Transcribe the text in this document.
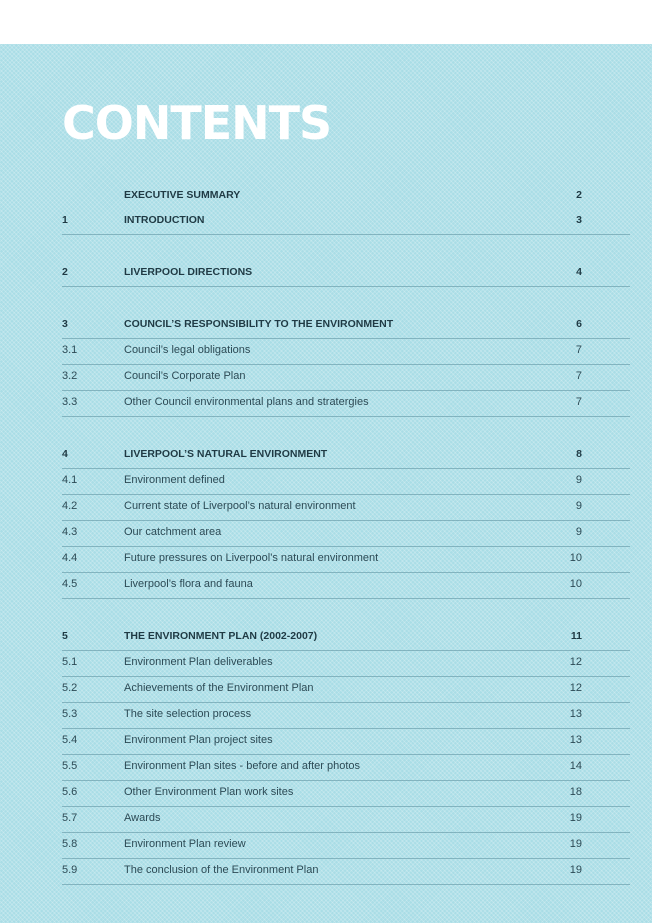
CONTENTS
EXECUTIVE SUMMARY	2
1	INTRODUCTION	3
2	LIVERPOOL DIRECTIONS	4
3	COUNCIL’S RESPONSIBILITY TO THE ENVIRONMENT	6
3.1	Council’s legal obligations	7
3.2	Council’s Corporate Plan	7
3.3	Other Council environmental plans and stratergies	7
4	LIVERPOOL’S NATURAL ENVIRONMENT	8
4.1	Environment defined	9
4.2	Current state of Liverpool’s natural environment	9
4.3	Our catchment area	9
4.4	Future pressures on Liverpool’s natural environment	10
4.5	Liverpool’s flora and fauna	10
5	THE ENVIRONMENT PLAN (2002-2007)	11
5.1	Environment Plan deliverables	12
5.2	Achievements of the Environment Plan	12
5.3	The site selection process	13
5.4	Environment Plan project sites	13
5.5	Environment Plan sites - before and after photos	14
5.6	Other Environment Plan work sites	18
5.7	Awards	19
5.8	Environment Plan review	19
5.9	The conclusion of the Environment Plan	19
